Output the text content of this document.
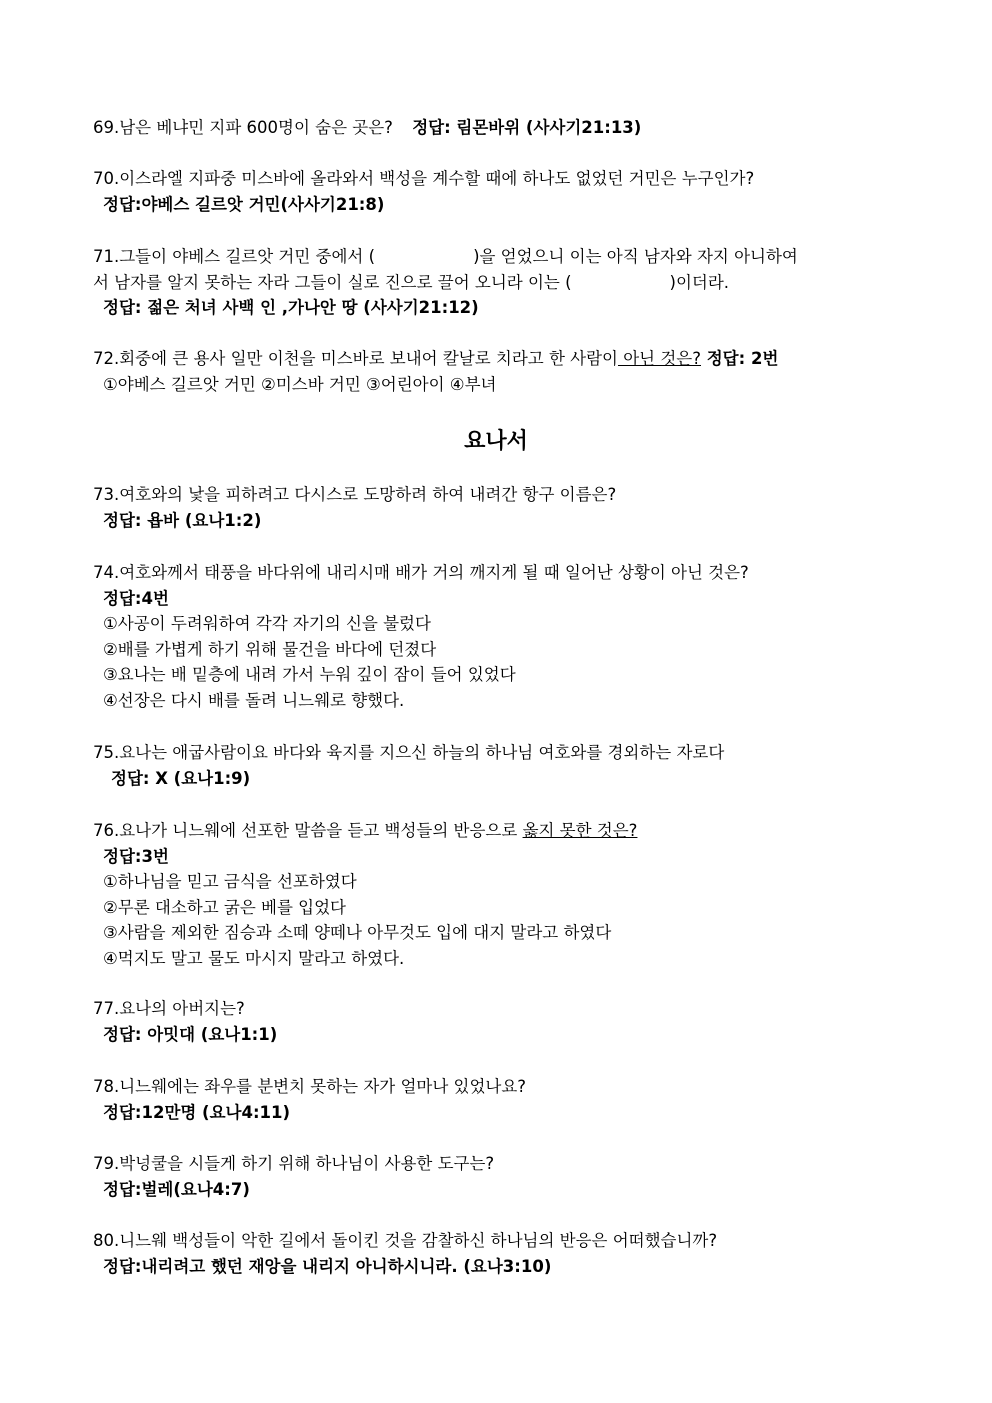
69.남은 베냐민 지파 600명이 숨은 곳은? 정답: 림몬바위 (사사기21:13)
70.이스라엘 지파중 미스바에 올라와서 백성을 계수할 때에 하나도 없었던 거민은 누구인가?
정답:야베스 길르앗 거민(사사기21:8)
71.그들이 야베스 길르앗 거민 중에서 (	)을 얻었으니 이는 아직 남자와 자지 아니하여
서 남자를 알지 못하는 자라 그들이 실로 진으로 끌어 오니라 이는 (	)이더라.
정답: 젊은 처녀 사백 인 ,가나안 땅 (사사기21:12)
72.회중에 큰 용사 일만 이천을 미스바로 보내어 칼날로 치라고 한 사람이 아닌 것은? 정답: 2번
①야베스 길르앗 거민 ②미스바 거민 ③어린아이 ④부녀
요나서
73.여호와의 낯을 피하려고 다시스로 도망하려 하여 내려간 항구 이름은?
정답: 욥바 (요나1:2)
74.여호와께서 태풍을 바다위에 내리시매 배가 거의 깨지게 될 때 일어난 상황이 아닌 것은?
정답:4번
①사공이 두려워하여 각각 자기의 신을 불렀다
②배를 가볍게 하기 위해 물건을 바다에 던졌다
③요나는 배 밑층에 내려 가서 누워 깊이 잠이 들어 있었다
④선장은 다시 배를 돌려 니느웨로 향했다.
75.요나는 애굽사람이요 바다와 육지를 지으신 하늘의 하나님 여호와를 경외하는 자로다
정답: X (요나1:9)
76.요나가 니느웨에 선포한 말씀을 듣고 백성들의 반응으로 옳지 못한 것은?
정답:3번
①하나님을 믿고 금식을 선포하였다
②무론 대소하고 굵은 베를 입었다
③사람을 제외한 짐승과 소떼 양떼나 아무것도 입에 대지 말라고 하였다
④먹지도 말고 물도 마시지 말라고 하였다.
77.요나의 아버지는?
정답: 아밋대 (요나1:1)
78.니느웨에는 좌우를 분변치 못하는 자가 얼마나 있었나요?
정답:12만명 (요나4:11)
79.박넝쿨을 시들게 하기 위해 하나님이 사용한 도구는?
정답:벌레(요나4:7)
80.니느웨 백성들이 악한 길에서 돌이킨 것을 감찰하신 하나님의 반응은 어떠했습니까?
정답:내리려고 했던 재앙을 내리지 아니하시니라. (요나3:10)
